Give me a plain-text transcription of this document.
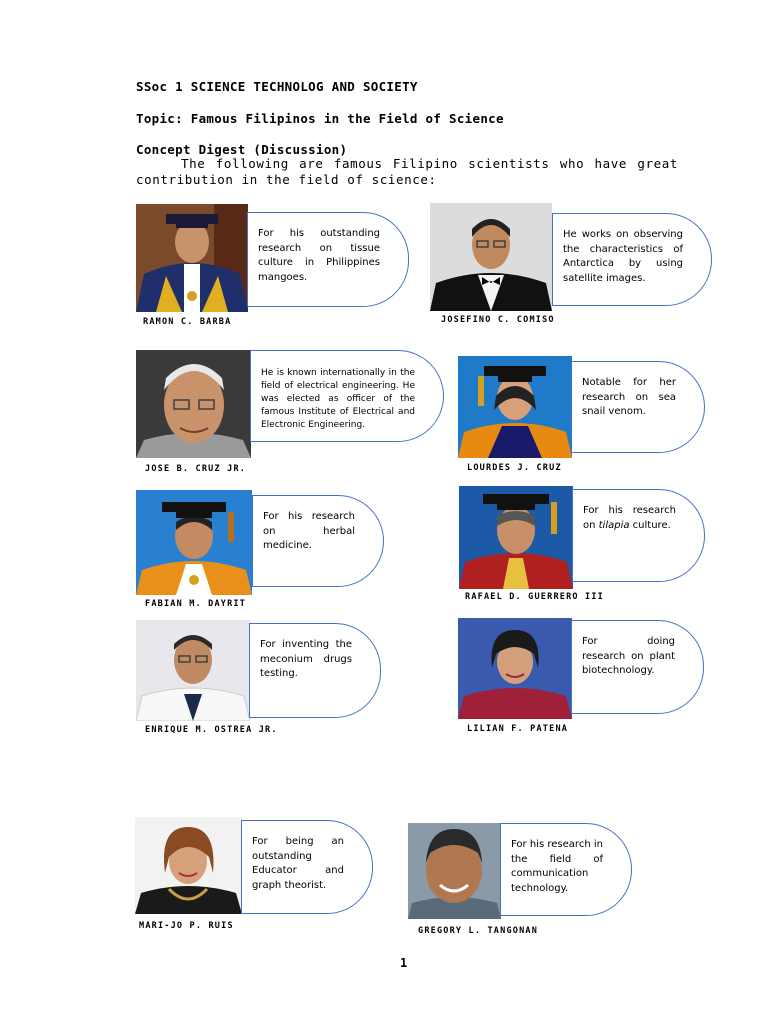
SSoc 1 SCIENCE TECHNOLOG AND SOCIETY
Topic: Famous Filipinos in the Field of Science
Concept Digest (Discussion)
The following are famous Filipino scientists who have great contribution in the field of science:
For his outstanding research on tissue culture in Philippines mangoes.
RAMON C. BARBA
He works on observing the characteristics of Antarctica by using satellite images.
JOSEFINO C. COMISO
He is known internationally in the field of electrical engineering. He was elected as officer of the famous Institute of Electrical and Electronic Engineering.
JOSE B. CRUZ JR.
Notable for her research on sea snail venom.
LOURDES J. CRUZ
For his research on herbal medicine.
FABIAN M. DAYRIT
For his research on tilapia culture.
RAFAEL D. GUERRERO III
For inventing the meconium drugs testing.
ENRIQUE M. OSTREA JR.
For doing research on plant biotechnology.
LILIAN F. PATENA
For being an outstanding Educator and graph theorist.
MARI-JO P. RUIS
For his research in the field of communication technology.
GREGORY L. TANGONAN
1
